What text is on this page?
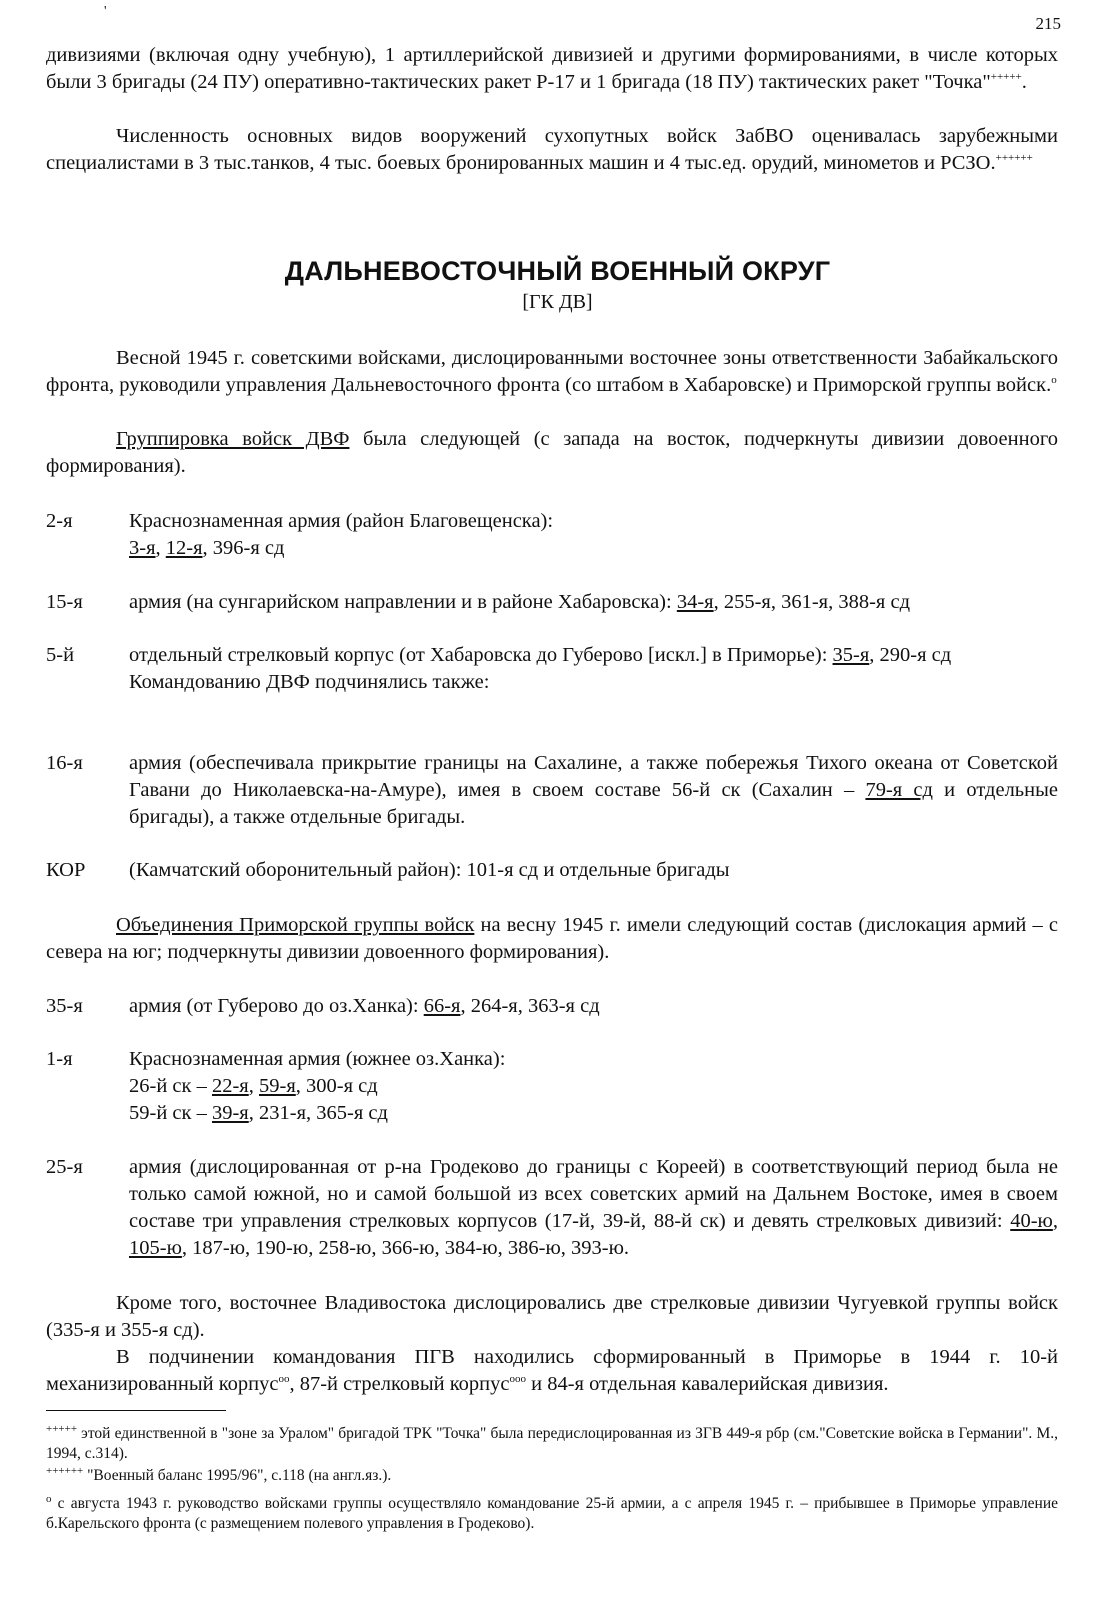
'
215
дивизиями (включая одну учебную), 1 артиллерийской дивизией и другими формированиями, в числе которых были 3 бригады (24 ПУ) оперативно-тактических ракет Р-17 и 1 бригада (18 ПУ) тактических ракет "Точка"+++++.
Численность основных видов вооружений сухопутных войск ЗабВО оценивалась зарубежными специалистами в 3 тыс.танков, 4 тыс. боевых бронированных машин и 4 тыс.ед. орудий, минометов и РСЗО.++++++
ДАЛЬНЕВОСТОЧНЫЙ ВОЕННЫЙ ОКРУГ
[ГК ДВ]
Весной 1945 г. советскими войсками, дислоцированными восточнее зоны ответственности Забайкальского фронта, руководили управления Дальневосточного фронта (со штабом в Хабаровске) и Приморской группы войск.$^о$
Группировка войск ДВФ была следующей (с запада на восток, подчеркнуты дивизии довоенного формирования).
2-я	Краснознаменная армия (район Благовещенска):
3-я, 12-я, 396-я сд
15-я	армия (на сунгарийском направлении и в районе Хабаровска): 34-я, 255-я, 361-я, 388-я сд
5-й	отдельный стрелковый корпус (от Хабаровска до Губерово [искл.] в Приморье): 35-я, 290-я сд
Командованию ДВФ подчинялись также:
16-я	армия (обеспечивала прикрытие границы на Сахалине, а также побережья Тихого океана от Советской Гавани до Николаевска-на-Амуре), имея в своем составе 56-й ск (Сахалин – 79-я сд и отдельные бригады), а также отдельные бригады.
КОР	(Камчатский оборонительный район): 101-я сд и отдельные бригады
Объединения Приморской группы войск на весну 1945 г. имели следующий состав (дислокация армий – с севера на юг; подчеркнуты дивизии довоенного формирования).
35-я	армия (от Губерово до оз.Ханка): 66-я, 264-я, 363-я сд
1-я	Краснознаменная армия (южнее оз.Ханка):
26-й ск – 22-я, 59-я, 300-я сд
59-й ск – 39-я, 231-я, 365-я сд
25-я	армия (дислоцированная от р-на Гродеково до границы с Кореей) в соответствующий период была не только самой южной, но и самой большой из всех советских армий на Дальнем Востоке, имея в своем составе три управления стрелковых корпусов (17-й, 39-й, 88-й ск) и девять стрелковых дивизий: 40-ю, 105-ю, 187-ю, 190-ю, 258-ю, 366-ю, 384-ю, 386-ю, 393-ю.
Кроме того, восточнее Владивостока дислоцировались две стрелковые дивизии Чугуевкой группы войск (335-я и 355-я сд).
В подчинении командования ПГВ находились сформированный в Приморье в 1944 г. 10-й механизированный корпус$^{оо}$, 87-й стрелковый корпус$^{ооо}$ и 84-я отдельная кавалерийская дивизия.
+++++ этой единственной в "зоне за Уралом" бригадой ТРК "Точка" была передислоцированная из ЗГВ 449-я рбр (см."Советские войска в Германии". М., 1994, с.314).
++++++ "Военный баланс 1995/96", с.118 (на англ.яз.).
$^о$ с августа 1943 г. руководство войсками группы осуществляло командование 25-й армии, а с апреля 1945 г. – прибывшее в Приморье управление б.Карельского фронта (с размещением полевого управления в Гродеково).
